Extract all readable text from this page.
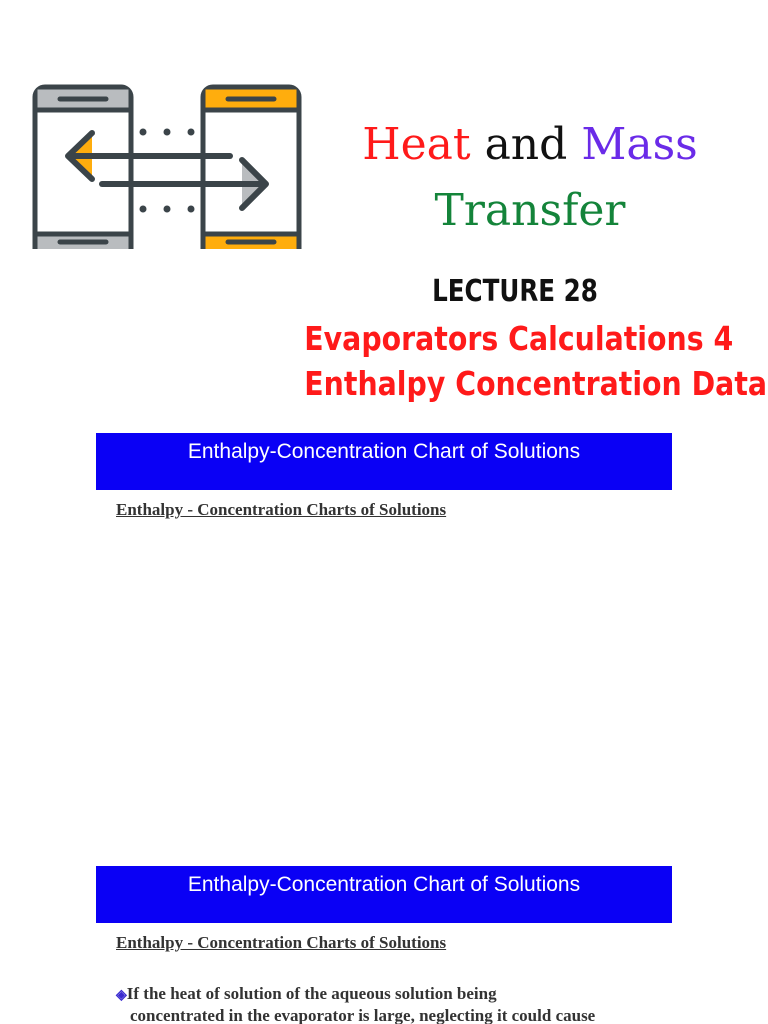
Heat and Mass
Transfer
LECTURE 28
Evaporators Calculations 4
Enthalpy Concentration Data
Enthalpy-Concentration Chart of Solutions
Enthalpy - Concentration Charts of Solutions
Enthalpy-Concentration Chart of Solutions
Enthalpy - Concentration Charts of Solutions
◈If the heat of solution of the aqueous solution being
concentrated in the evaporator is large, neglecting it could cause
